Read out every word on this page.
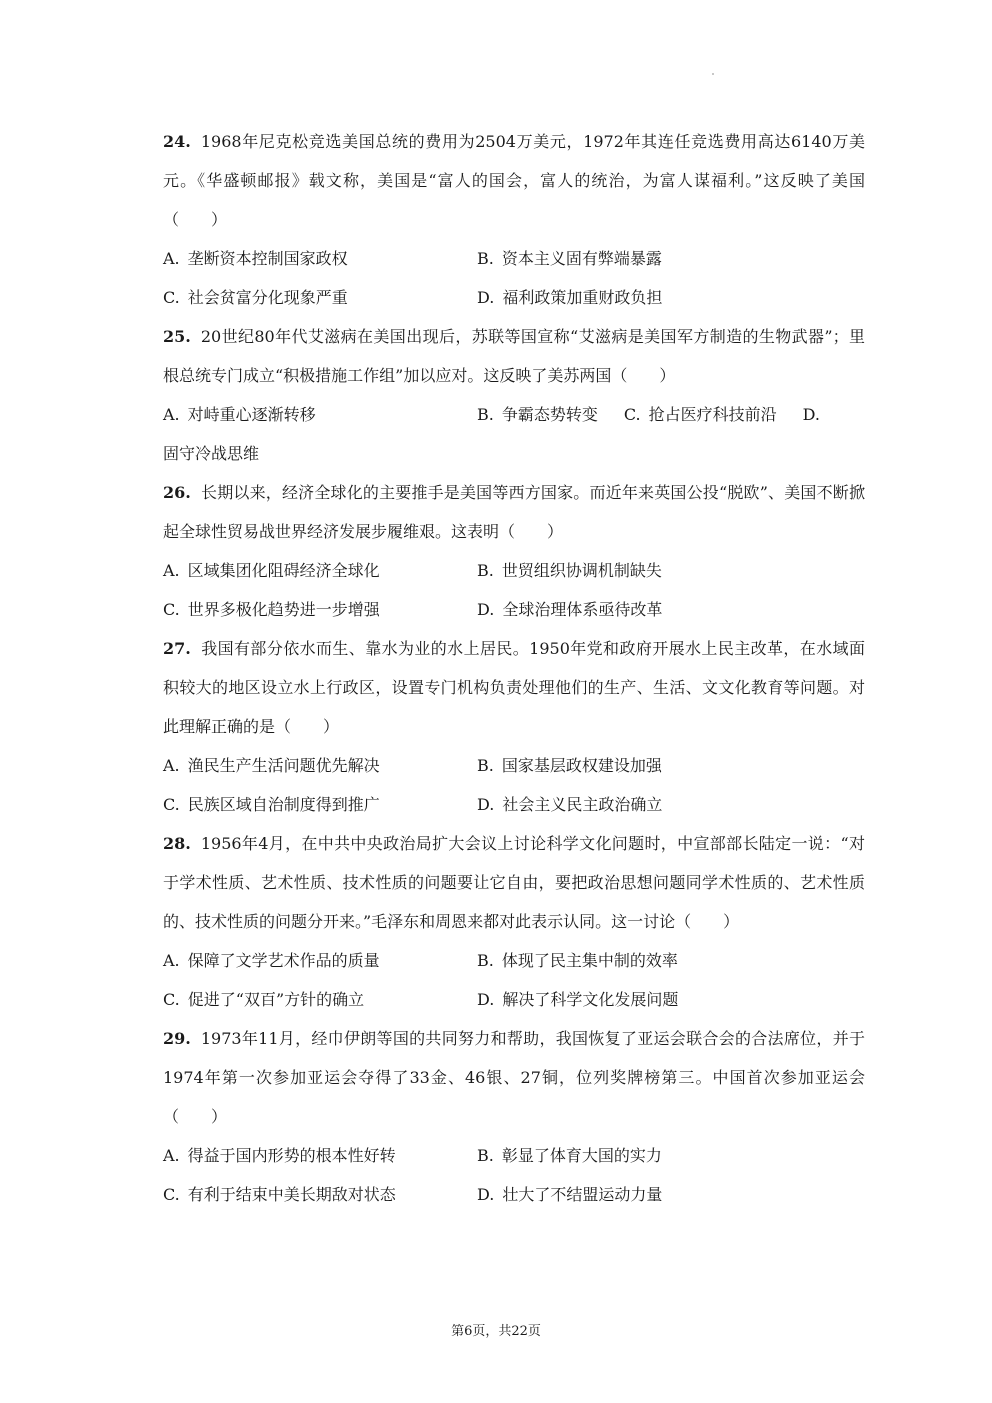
24. 1968年尼克松竞选美国总统的费用为2504万美元，1972年其连任竞选费用高达6140万美元。《华盛顿邮报》载文称，美国是“富人的国会，富人的统治，为富人谋福利。”这反映了美国（　　）

A. 垄断资本控制国家政权	B. 资本主义固有弊端暴露
C. 社会贫富分化现象严重	D. 福利政策加重财政负担

25. 20世纪80年代艾滋病在美国出现后，苏联等国宣称“艾滋病是美国军方制造的生物武器”；里根总统专门成立“积极措施工作组”加以应对。这反映了美苏两国（　　）

A. 对峙重心逐渐转移	B. 争霸态势转变 C. 抢占医疗科技前沿 D.
固守冷战思维

26. 长期以来，经济全球化的主要推手是美国等西方国家。而近年来英国公投“脱欧”、美国不断掀起全球性贸易战世界经济发展步履维艰。这表明（　　）

A. 区域集团化阻碍经济全球化	B. 世贸组织协调机制缺失
C. 世界多极化趋势进一步增强	D. 全球治理体系亟待改革

27. 我国有部分依水而生、靠水为业的水上居民。1950年党和政府开展水上民主改革，在水域面积较大的地区设立水上行政区，设置专门机构负责处理他们的生产、生活、文文化教育等问题。对此理解正确的是（　　）

A. 渔民生产生活问题优先解决	B. 国家基层政权建设加强
C. 民族区域自治制度得到推广	D. 社会主义民主政治确立

28. 1956年4月，在中共中央政治局扩大会议上讨论科学文化问题时，中宣部部长陆定一说：“对于学术性质、艺术性质、技术性质的问题要让它自由，要把政治思想问题同学术性质的、艺术性质的、技术性质的问题分开来。”毛泽东和周恩来都对此表示认同。这一讨论（　　）

A. 保障了文学艺术作品的质量	B. 体现了民主集中制的效率
C. 促进了“双百”方针的确立	D. 解决了科学文化发展问题

29. 1973年11月，经巾伊朗等国的共同努力和帮助，我国恢复了亚运会联合会的合法席位，并于1974年第一次参加亚运会夺得了33金、46银、27铜，位列奖牌榜第三。中国首次参加亚运会（　　）

A. 得益于国内形势的根本性好转	B. 彰显了体育大国的实力
C. 有利于结束中美长期敌对状态	D. 壮大了不结盟运动力量
第6页，共22页
